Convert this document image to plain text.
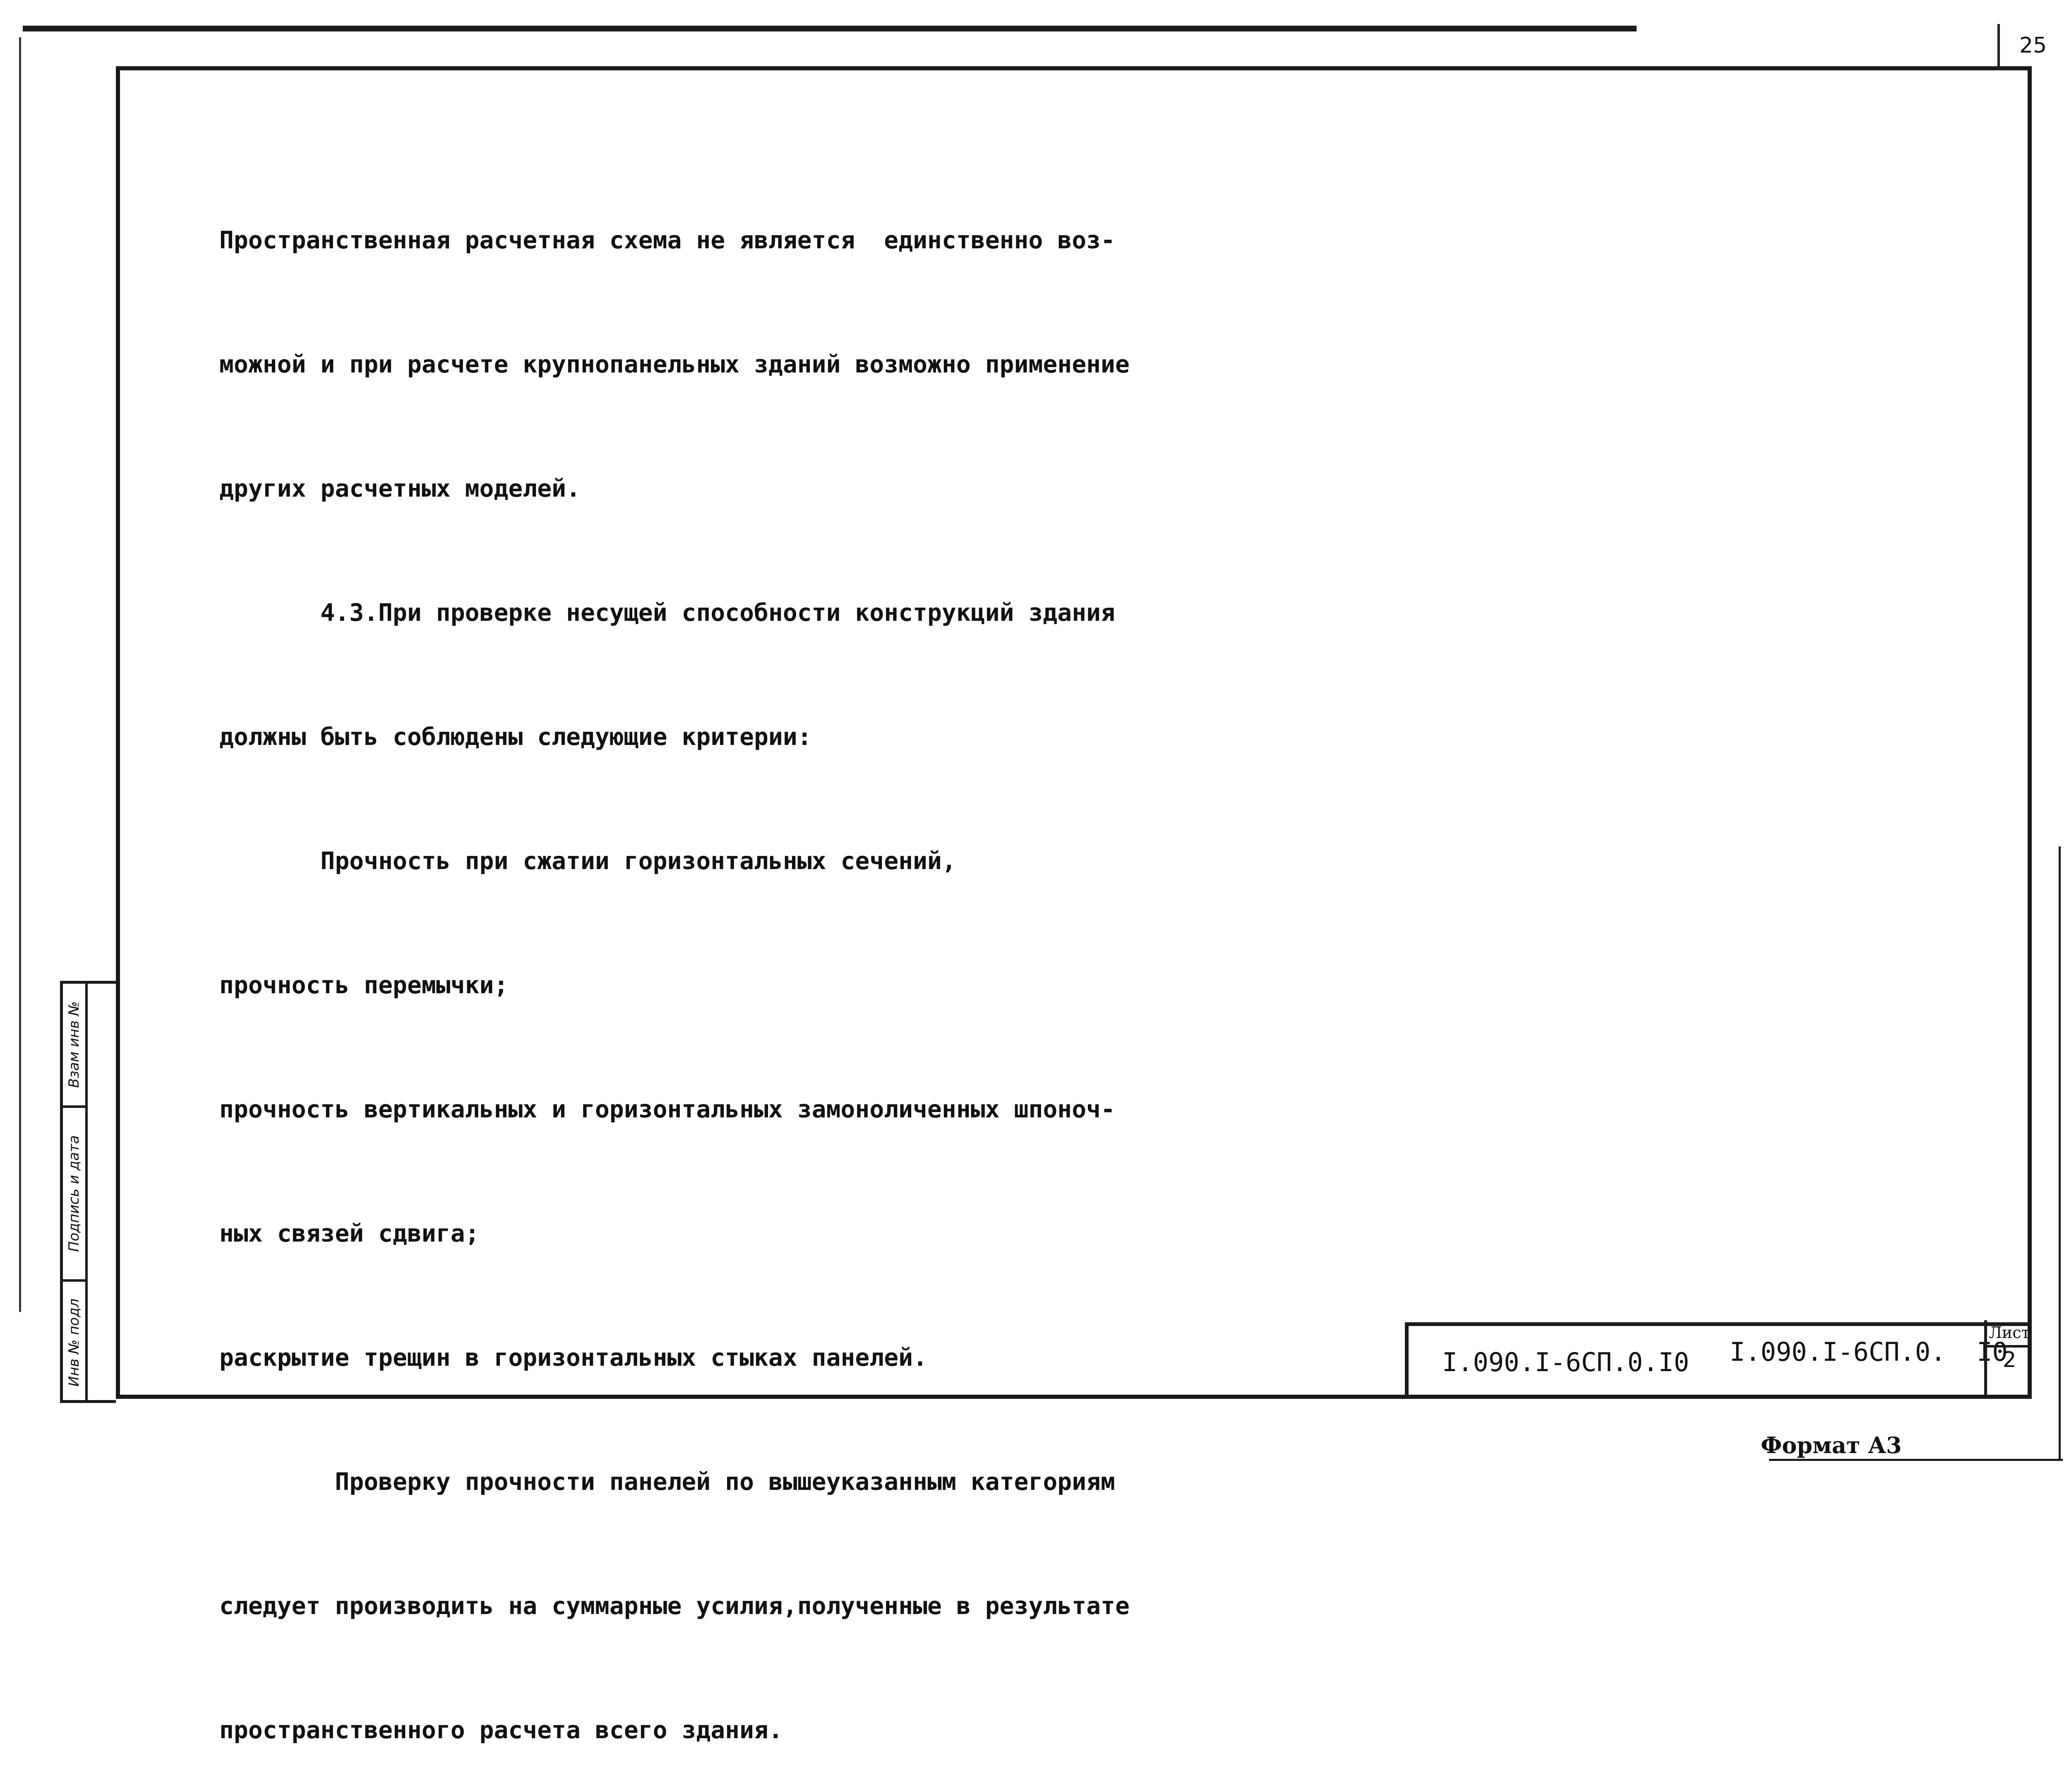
25

Пространственная расчетная схема не является  единственно воз-

можной и при расчете крупнопанельных зданий возможно применение

других расчетных моделей.

4.3.При проверке несущей способности конструкций здания

должны быть соблюдены следующие критерии:

Прочность при сжатии горизонтальных сечений,

прочность перемычки;

прочность вертикальных и горизонтальных замоноличенных шпоноч-

ных связей сдвига;

раскрытие трещин в горизонтальных стыках панелей.

Проверку прочности панелей по вышеуказанным категориям

следует производить на суммарные усилия,полученные в результате

пространственного расчета всего здания.

Взам инв №
Подпись и дата
Инв № подл	I.090.I-6СП.0.I0 I.090.I-6СП.0.  I0
Лист
2
Формат А3
